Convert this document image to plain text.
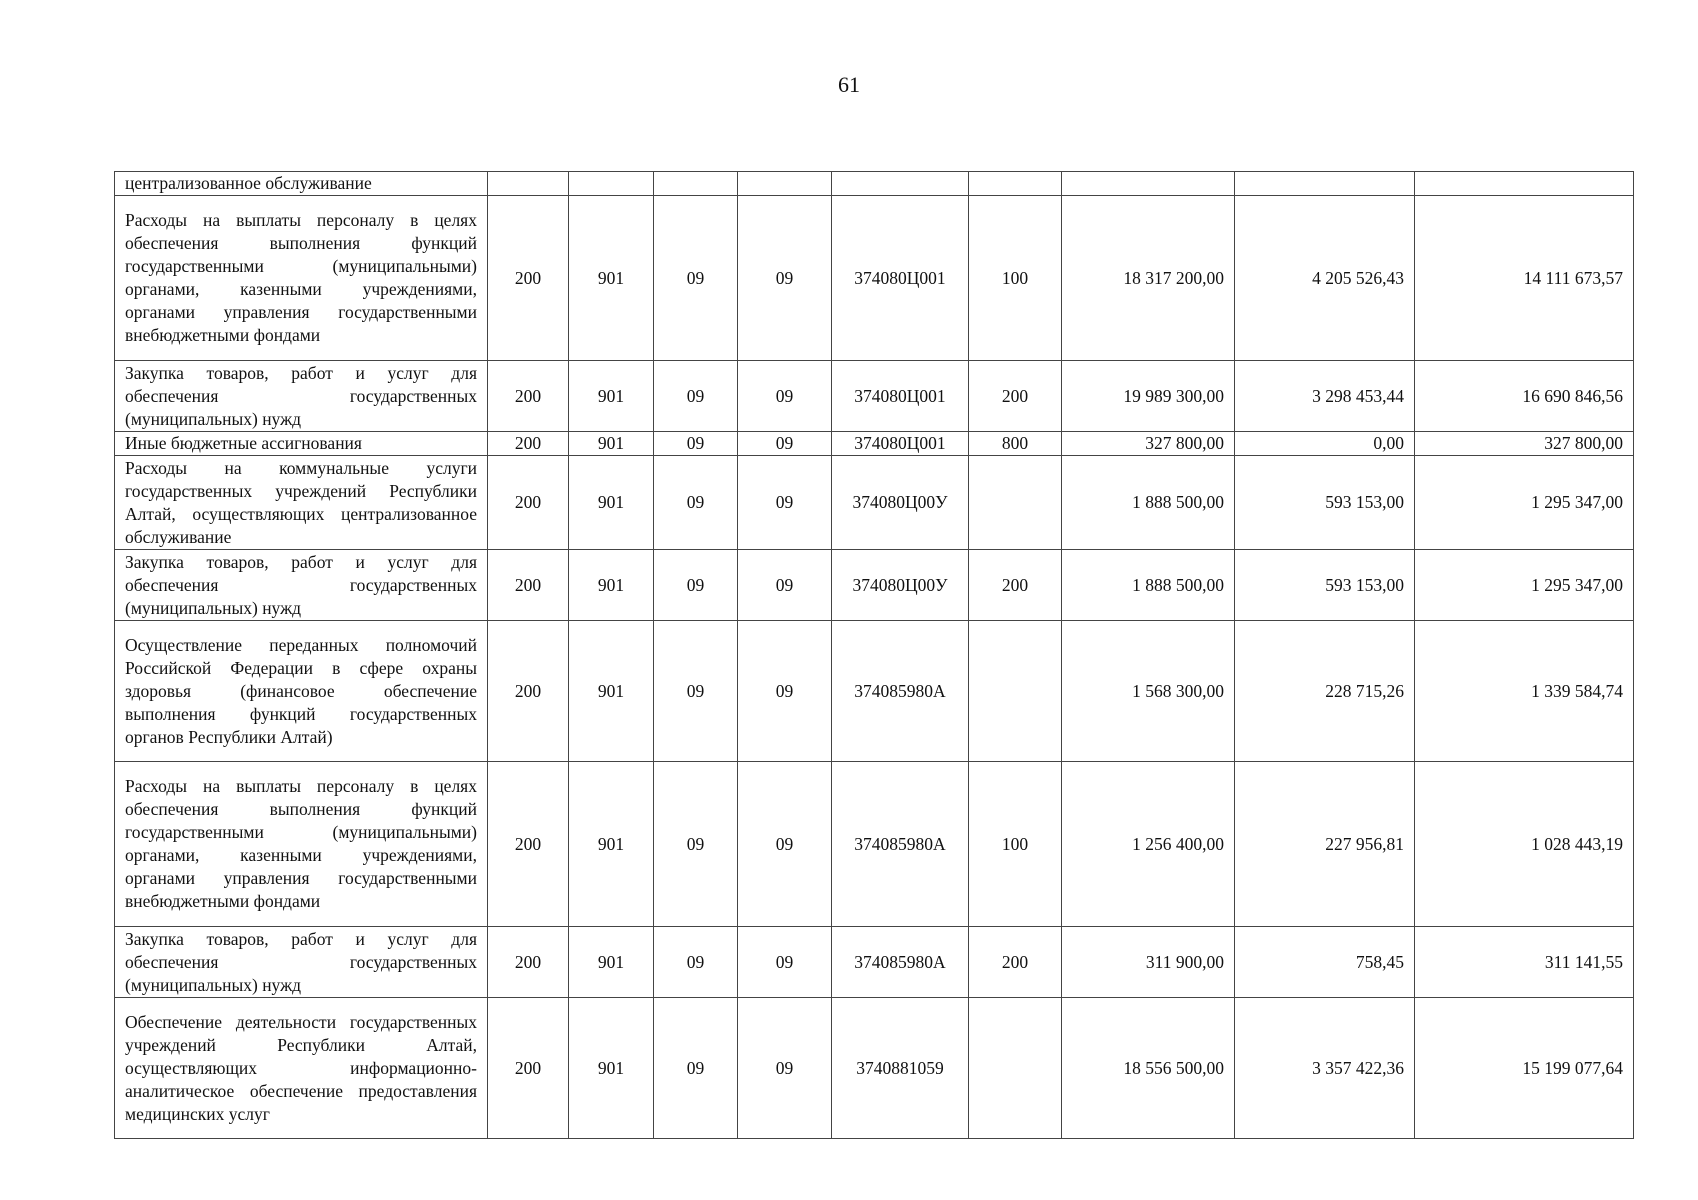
61
централизованное обслуживание									
Расходы на выплаты персоналу в целях обеспечения выполнения функций государственными (муниципальными) органами, казенными учреждениями, органами управления государственными внебюджетными фондами	200	901	09	09	374080Ц001	100	18 317 200,00	4 205 526,43	14 111 673,57
Закупка товаров, работ и услуг для обеспечения государственных (муниципальных) нужд	200	901	09	09	374080Ц001	200	19 989 300,00	3 298 453,44	16 690 846,56
Иные бюджетные ассигнования	200	901	09	09	374080Ц001	800	327 800,00	0,00	327 800,00
Расходы на коммунальные услуги государственных учреждений Республики Алтай, осуществляющих централизованное обслуживание	200	901	09	09	374080Ц00У		1 888 500,00	593 153,00	1 295 347,00
Закупка товаров, работ и услуг для обеспечения государственных (муниципальных) нужд	200	901	09	09	374080Ц00У	200	1 888 500,00	593 153,00	1 295 347,00
Осуществление переданных полномочий Российской Федерации в сфере охраны здоровья (финансовое обеспечение выполнения функций государственных органов Республики Алтай)	200	901	09	09	374085980А		1 568 300,00	228 715,26	1 339 584,74
Расходы на выплаты персоналу в целях обеспечения выполнения функций государственными (муниципальными) органами, казенными учреждениями, органами управления государственными внебюджетными фондами	200	901	09	09	374085980А	100	1 256 400,00	227 956,81	1 028 443,19
Закупка товаров, работ и услуг для обеспечения государственных (муниципальных) нужд	200	901	09	09	374085980А	200	311 900,00	758,45	311 141,55
Обеспечение деятельности государственных учреждений Республики Алтай, осуществляющих информационно-аналитическое обеспечение предоставления медицинских услуг	200	901	09	09	3740881059		18 556 500,00	3 357 422,36	15 199 077,64
